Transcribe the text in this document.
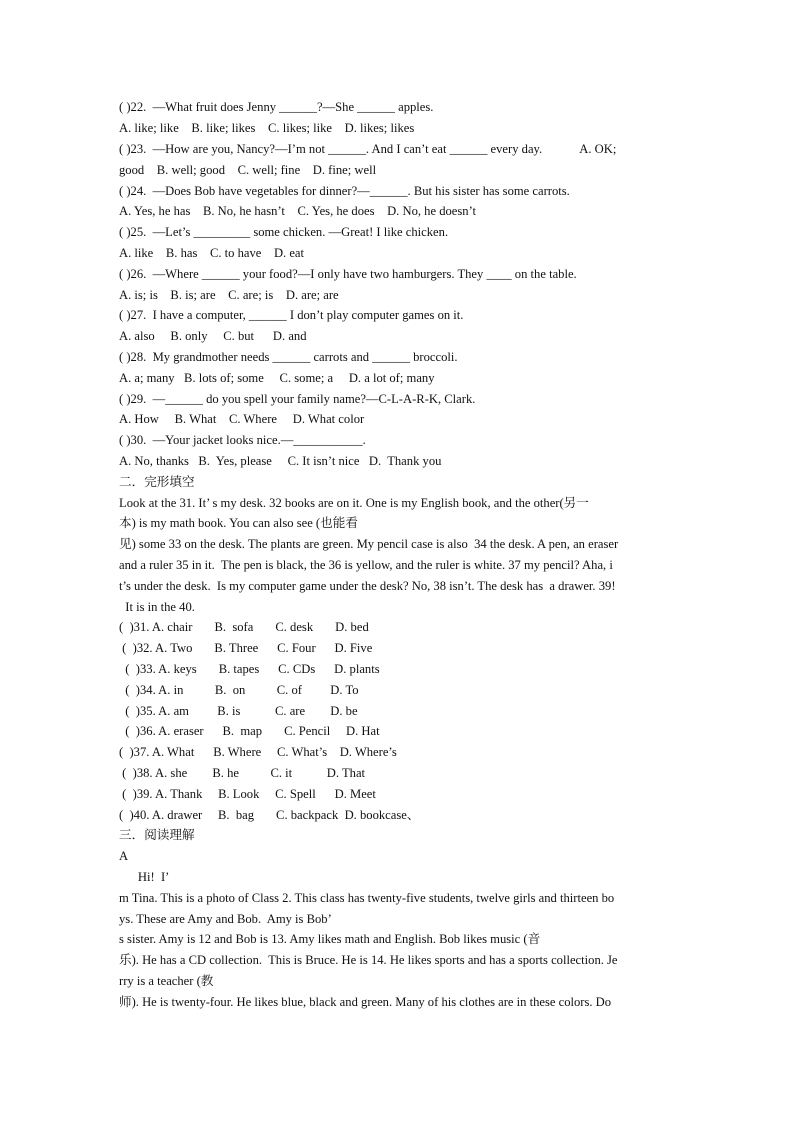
( )22.  —What fruit does Jenny ______?—She ______ apples.
A. like; like    B. like; likes    C. likes; like    D. likes; likes
( )23.  —How are you, Nancy?—I’m not ______. And I can’t eat ______ every day.            A. OK;
good    B. well; good    C. well; fine    D. fine; well
( )24.  —Does Bob have vegetables for dinner?—______. But his sister has some carrots.
A. Yes, he has    B. No, he hasn’t    C. Yes, he does    D. No, he doesn’t
( )25.  —Let’s _________ some chicken. —Great! I like chicken.
A. like    B. has    C. to have    D. eat
( )26.  —Where ______ your food?—I only have two hamburgers. They ____ on the table.
A. is; is    B. is; are    C. are; is    D. are; are
( )27.  I have a computer, ______ I don’t play computer games on it.
A. also     B. only     C. but      D. and
( )28.  My grandmother needs ______ carrots and ______ broccoli.
A. a; many   B. lots of; some     C. some; a     D. a lot of; many
( )29.  —______ do you spell your family name?—C-L-A-R-K, Clark.
A. How     B. What    C. Where     D. What color
( )30.  —Your jacket looks nice.—___________.
A. No, thanks   B.  Yes, please     C. It isn’t nice   D.  Thank you
二．完形填空
Look at the 31. It’ s my desk. 32 books are on it. One is my English book, and the other(另一
本) is my math book. You can also see (也能看
见) some 33 on the desk. The plants are green. My pencil case is also  34 the desk. A pen, an eraser
and a ruler 35 in it.  The pen is black, the 36 is yellow, and the ruler is white. 37 my pencil? Aha, i
t’s under the desk.  Is my computer game under the desk? No, 38 isn’t. The desk has  a drawer. 39!
It is in the 40.
(  )31. A. chair       B.  sofa       C. desk       D. bed
(  )32. A. Two       B. Three      C. Four      D. Five
(  )33. A. keys       B. tapes      C. CDs      D. plants
(  )34. A. in          B.  on          C. of         D. To
(  )35. A. am         B. is           C. are        D. be
(  )36. A. eraser      B.  map       C. Pencil     D. Hat
(  )37. A. What      B. Where     C. What’s    D. Where’s
(  )38. A. she        B. he          C. it           D. That
(  )39. A. Thank     B. Look     C. Spell      D. Meet
(  )40. A. drawer     B.  bag       C. backpack  D. bookcase、
三．阅读理解
A
Hi!  I’
m Tina. This is a photo of Class 2. This class has twenty-five students, twelve girls and thirteen bo
ys. These are Amy and Bob.  Amy is Bob’
s sister. Amy is 12 and Bob is 13. Amy likes math and English. Bob likes music (音
乐). He has a CD collection.  This is Bruce. He is 14. He likes sports and has a sports collection. Je
rry is a teacher (教
师). He is twenty-four. He likes blue, black and green. Many of his clothes are in these colors. Do
